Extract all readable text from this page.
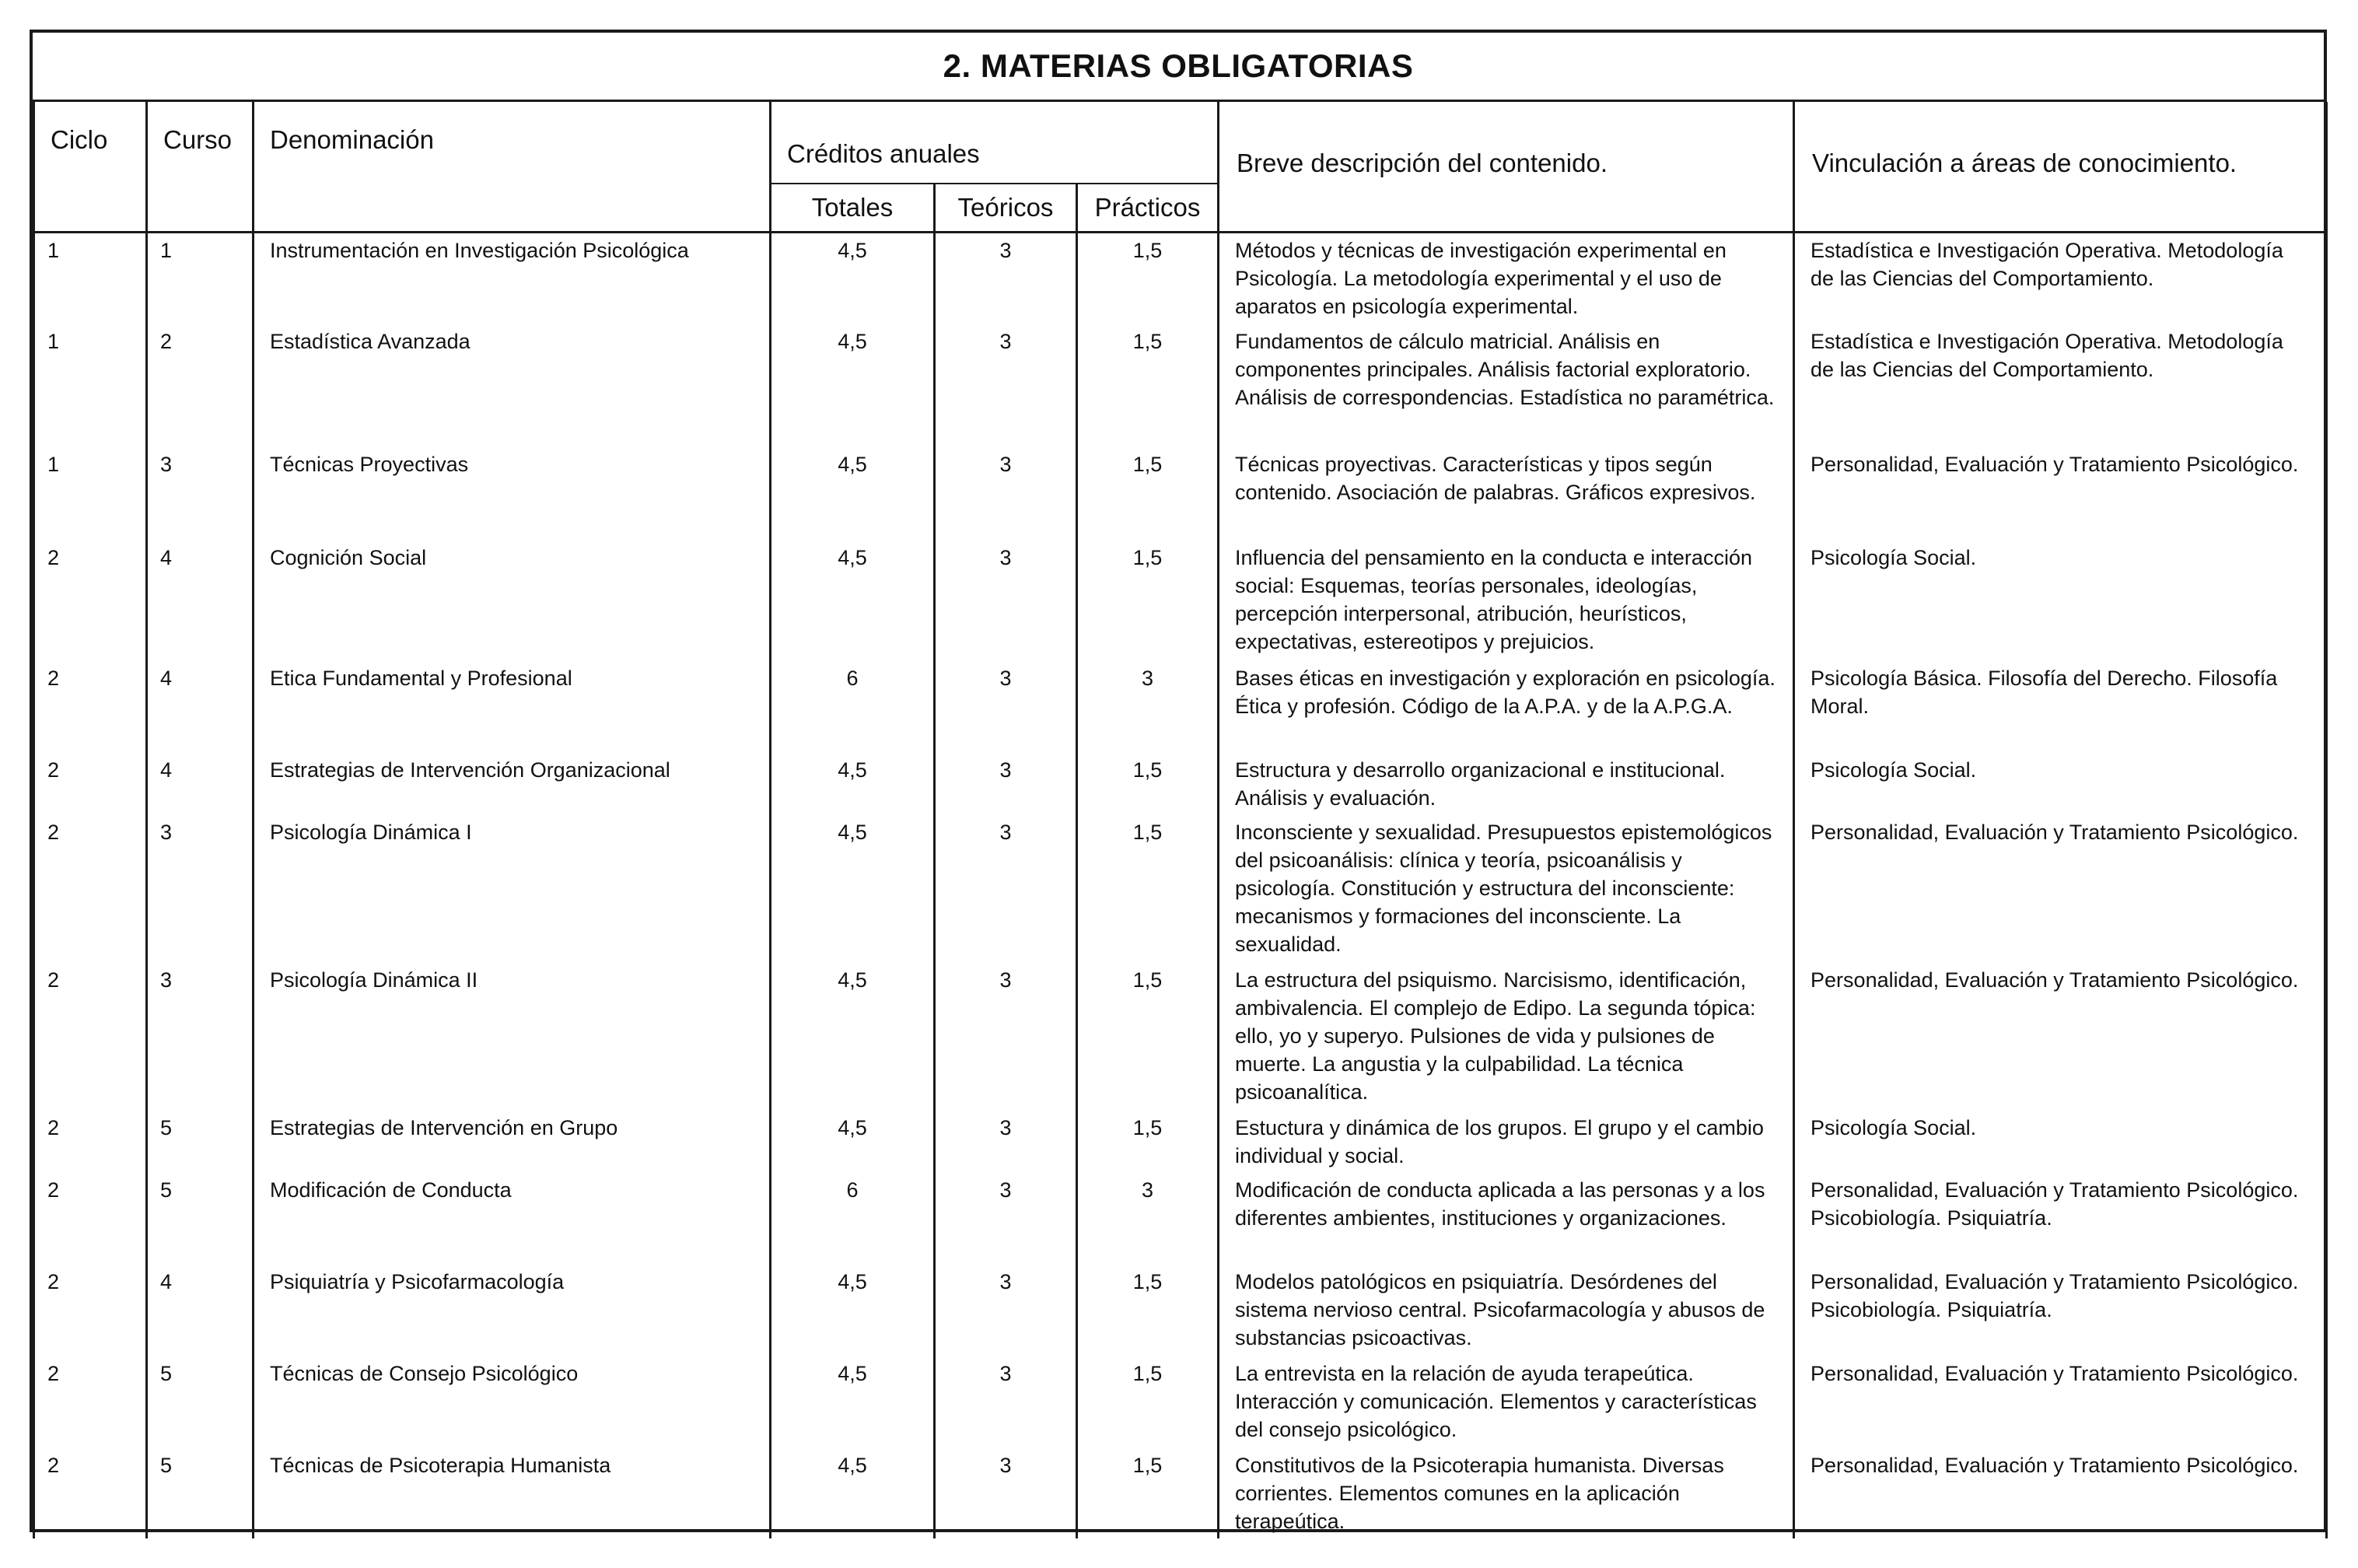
2. MATERIAS OBLIGATORIAS
Ciclo	Curso	Denominación	Créditos anuales			Breve descripción del contenido.	Vinculación a áreas de conocimiento.
			Totales	Teóricos	Prácticos		
1	1	Instrumentación en Investigación Psicológica	4,5	3	1,5	Métodos y técnicas de investigación experimental en Psicología. La metodología experimental y el uso de aparatos en psicología experimental.	Estadística e Investigación Operativa. Metodología de las Ciencias del Comportamiento.
1	2	Estadística Avanzada	4,5	3	1,5	Fundamentos de cálculo matricial. Análisis en componentes principales. Análisis factorial exploratorio. Análisis de correspondencias. Estadística no paramétrica.	Estadística e Investigación Operativa. Metodología de las Ciencias del Comportamiento.
1	3	Técnicas Proyectivas	4,5	3	1,5	Técnicas proyectivas. Características y tipos según contenido. Asociación de palabras. Gráficos expresivos.	Personalidad, Evaluación y Tratamiento Psicológico.
2	4	Cognición Social	4,5	3	1,5	Influencia del pensamiento en la conducta e interacción social: Esquemas, teorías personales, ideologías, percepción interpersonal, atribución, heurísticos, expectativas, estereotipos y prejuicios.	Psicología Social.
2	4	Etica Fundamental y Profesional	6	3	3	Bases éticas en investigación y exploración en psicología. Ética y profesión. Código de la A.P.A. y de la A.P.G.A.	Psicología Básica. Filosofía del Derecho. Filosofía Moral.
2	4	Estrategias de Intervención Organizacional	4,5	3	1,5	Estructura y desarrollo organizacional e institucional. Análisis y evaluación.	Psicología Social.
2	3	Psicología Dinámica I	4,5	3	1,5	Inconsciente y sexualidad. Presupuestos epistemológicos del psicoanálisis: clínica y teoría, psicoanálisis y psicología. Constitución y estructura del inconsciente: mecanismos y formaciones del inconsciente. La sexualidad.	Personalidad, Evaluación y Tratamiento Psicológico.
2	3	Psicología Dinámica II	4,5	3	1,5	La estructura del psiquismo. Narcisismo, identificación, ambivalencia. El complejo de Edipo. La segunda tópica: ello, yo y superyo. Pulsiones de vida y pulsiones de muerte. La angustia y la culpabilidad. La técnica psicoanalítica.	Personalidad, Evaluación y Tratamiento Psicológico.
2	5	Estrategias de Intervención en Grupo	4,5	3	1,5	Estuctura y dinámica de los grupos. El grupo y el cambio individual y social.	Psicología Social.
2	5	Modificación de Conducta	6	3	3	Modificación de conducta aplicada a las personas y a los diferentes ambientes, instituciones y organizaciones.	Personalidad, Evaluación y Tratamiento Psicológico. Psicobiología. Psiquiatría.
2	4	Psiquiatría y Psicofarmacología	4,5	3	1,5	Modelos patológicos en psiquiatría. Desórdenes del sistema nervioso central. Psicofarmacología y abusos de substancias psicoactivas.	Personalidad, Evaluación y Tratamiento Psicológico. Psicobiología. Psiquiatría.
2	5	Técnicas de Consejo Psicológico	4,5	3	1,5	La entrevista en la relación de ayuda terapeútica. Interacción y comunicación. Elementos y características del consejo psicológico.	Personalidad, Evaluación y Tratamiento Psicológico.
2	5	Técnicas de Psicoterapia Humanista	4,5	3	1,5	Constitutivos de la Psicoterapia humanista. Diversas corrientes. Elementos comunes en la aplicación terapeútica.	Personalidad, Evaluación y Tratamiento Psicológico.
